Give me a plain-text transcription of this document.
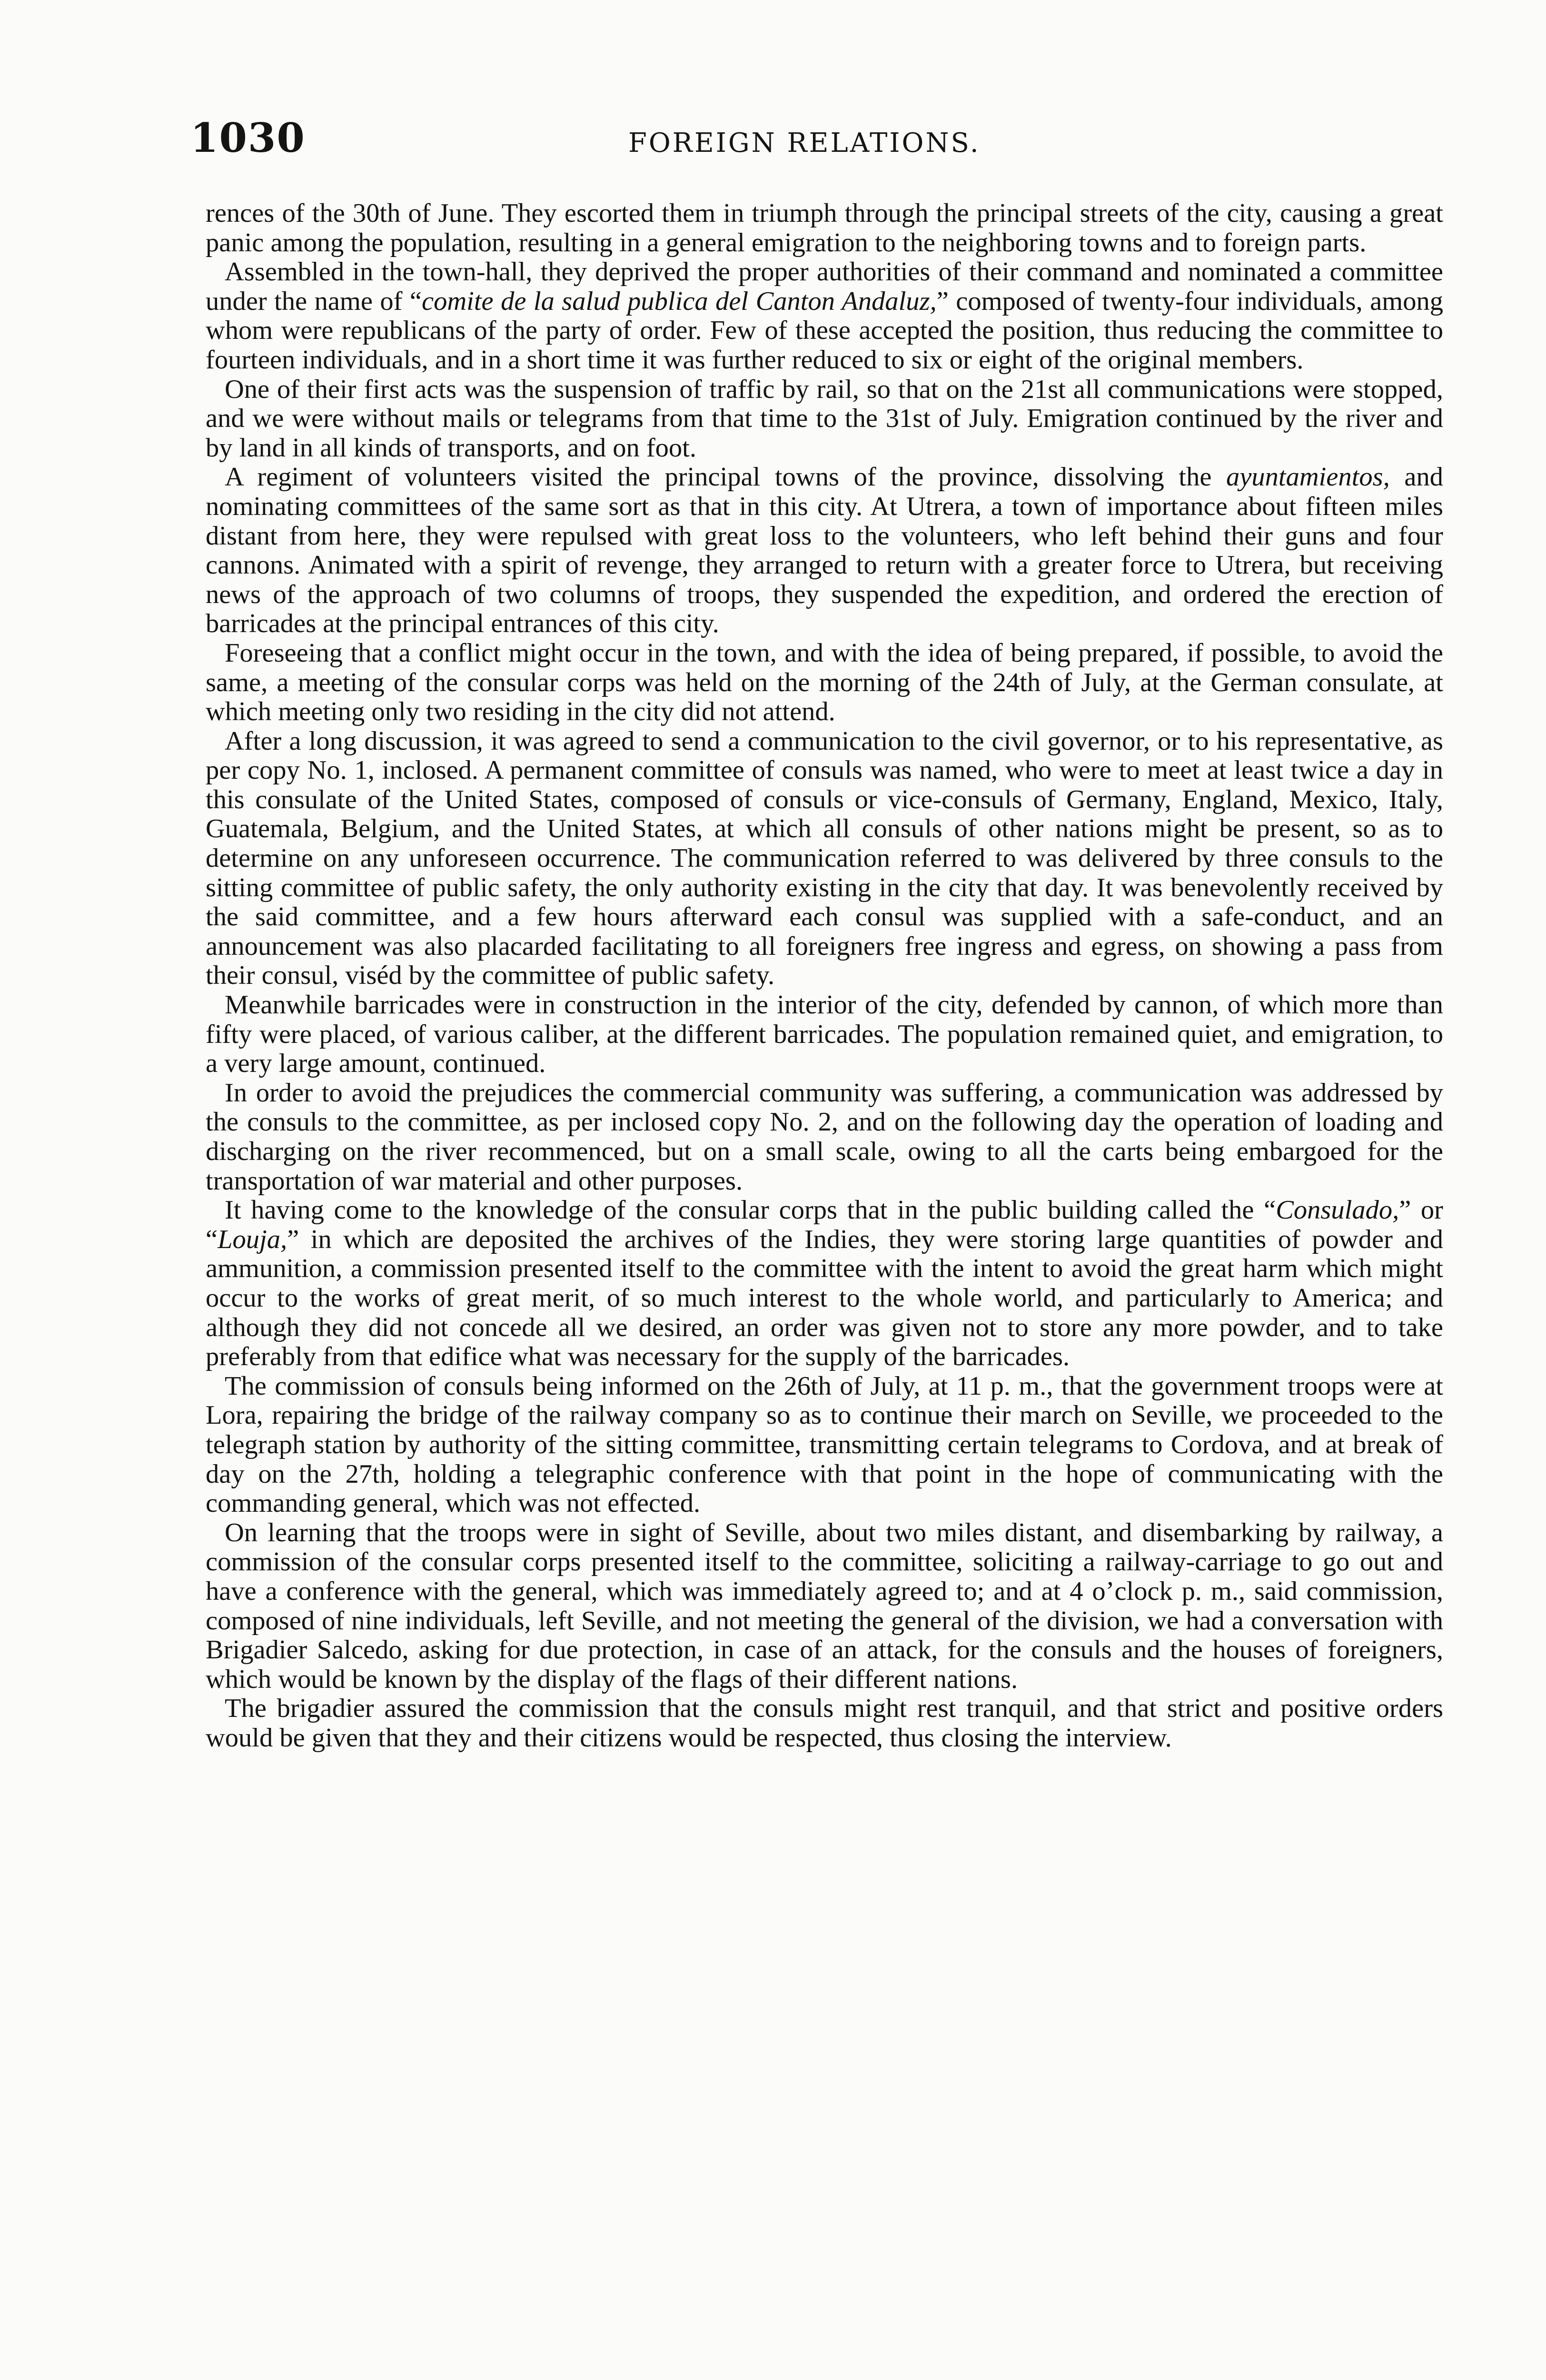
1030	FOREIGN RELATIONS.

rences of the 30th of June. They escorted them in triumph through the principal streets of the city, causing a great panic among the population, resulting in a general emigration to the neighboring towns and to foreign parts.

Assembled in the town-hall, they deprived the proper authorities of their command and nominated a committee under the name of “comite de la salud publica del Canton Andaluz,” composed of twenty-four individuals, among whom were republicans of the party of order. Few of these accepted the position, thus reducing the committee to fourteen individuals, and in a short time it was further reduced to six or eight of the original members.

One of their first acts was the suspension of traffic by rail, so that on the 21st all communications were stopped, and we were without mails or telegrams from that time to the 31st of July. Emigration continued by the river and by land in all kinds of transports, and on foot.

A regiment of volunteers visited the principal towns of the province, dissolving the ayuntamientos, and nominating committees of the same sort as that in this city. At Utrera, a town of importance about fifteen miles distant from here, they were repulsed with great loss to the volunteers, who left behind their guns and four cannons. Animated with a spirit of revenge, they arranged to return with a greater force to Utrera, but receiving news of the approach of two columns of troops, they suspended the expedition, and ordered the erection of barricades at the principal entrances of this city.

Foreseeing that a conflict might occur in the town, and with the idea of being prepared, if possible, to avoid the same, a meeting of the consular corps was held on the morning of the 24th of July, at the German consulate, at which meeting only two residing in the city did not attend.

After a long discussion, it was agreed to send a communication to the civil governor, or to his representative, as per copy No. 1, inclosed. A permanent committee of consuls was named, who were to meet at least twice a day in this consulate of the United States, composed of consuls or vice-consuls of Germany, England, Mexico, Italy, Guatemala, Belgium, and the United States, at which all consuls of other nations might be present, so as to determine on any unforeseen occurrence. The communication referred to was delivered by three consuls to the sitting committee of public safety, the only authority existing in the city that day. It was benevolently received by the said committee, and a few hours afterward each consul was supplied with a safe-conduct, and an announcement was also placarded facilitating to all foreigners free ingress and egress, on showing a pass from their consul, viséd by the committee of public safety.

Meanwhile barricades were in construction in the interior of the city, defended by cannon, of which more than fifty were placed, of various caliber, at the different barricades. The population remained quiet, and emigration, to a very large amount, continued.

In order to avoid the prejudices the commercial community was suffering, a communication was addressed by the consuls to the committee, as per inclosed copy No. 2, and on the following day the operation of loading and discharging on the river recommenced, but on a small scale, owing to all the carts being embargoed for the transportation of war material and other purposes.

It having come to the knowledge of the consular corps that in the public building called the “Consulado,” or “Louja,” in which are deposited the archives of the Indies, they were storing large quantities of powder and ammunition, a commission presented itself to the committee with the intent to avoid the great harm which might occur to the works of great merit, of so much interest to the whole world, and particularly to America; and although they did not concede all we desired, an order was given not to store any more powder, and to take preferably from that edifice what was necessary for the supply of the barricades.

The commission of consuls being informed on the 26th of July, at 11 p. m., that the government troops were at Lora, repairing the bridge of the railway company so as to continue their march on Seville, we proceeded to the telegraph station by authority of the sitting committee, transmitting certain telegrams to Cordova, and at break of day on the 27th, holding a telegraphic conference with that point in the hope of communicating with the commanding general, which was not effected.

On learning that the troops were in sight of Seville, about two miles distant, and disembarking by railway, a commission of the consular corps presented itself to the committee, soliciting a railway-carriage to go out and have a conference with the general, which was immediately agreed to; and at 4 o’clock p. m., said commission, composed of nine individuals, left Seville, and not meeting the general of the division, we had a conversation with Brigadier Salcedo, asking for due protection, in case of an attack, for the consuls and the houses of foreigners, which would be known by the display of the flags of their different nations.

The brigadier assured the commission that the consuls might rest tranquil, and that strict and positive orders would be given that they and their citizens would be respected, thus closing the interview.
